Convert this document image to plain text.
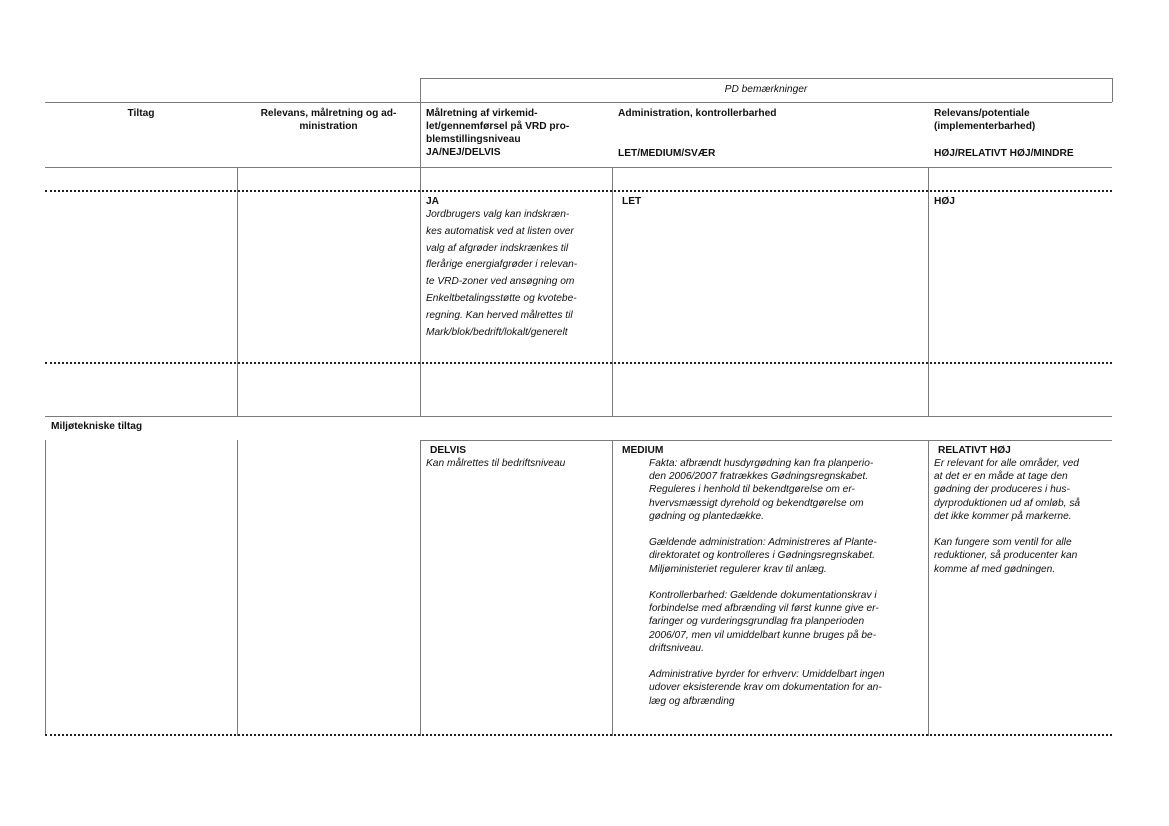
PD bemærkninger
Tiltag	Relevans, målretning og ad-
ministration
Målretning af virkemid-
let/gennemførsel på VRD pro-
blemstillingsniveau
JA/NEJ/DELVIS
Administration, kontrollerbarhed
LET/MEDIUM/SVÆR
Relevans/potentiale
(implementerbarhed)
HØJ/RELATIVT HØJ/MINDRE
JA
Jordbrugers valg kan indskræn-
kes automatisk ved at listen over
valg af afgrøder indskrænkes til
flerårige energiafgrøder i relevan-
te VRD-zoner ved ansøgning om
Enkeltbetalingsstøtte og kvotebe-
regning. Kan herved målrettes til
Mark/blok/bedrift/lokalt/generelt
LET	HØJ
Miljøtekniske tiltag
DELVIS
Kan målrettes til bedriftsniveau
MEDIUM
Fakta: afbrændt husdyrgødning kan fra planperio-
den 2006/2007 fratrækkes Gødningsregnskabet.
Reguleres i henhold til bekendtgørelse om er-
hvervsmæssigt dyrehold og bekendtgørelse om
gødning og plantedække.
Gældende administration: Administreres af Plante-
direktoratet og kontrolleres i Gødningsregnskabet.
Miljøministeriet regulerer krav til anlæg.
Kontrollerbarhed: Gældende dokumentationskrav i
forbindelse med afbrænding vil først kunne give er-
faringer og vurderingsgrundlag fra planperioden
2006/07, men vil umiddelbart kunne bruges på be-
driftsniveau.
Administrative byrder for erhverv: Umiddelbart ingen
udover eksisterende krav om dokumentation for an-
læg og afbrænding
RELATIVT HØJ
Er relevant for alle områder, ved
at det er en måde at tage den
gødning der produceres i hus-
dyrproduktionen ud af omløb, så
det ikke kommer på markerne.
Kan fungere som ventil for alle
reduktioner, så producenter kan
komme af med gødningen.
